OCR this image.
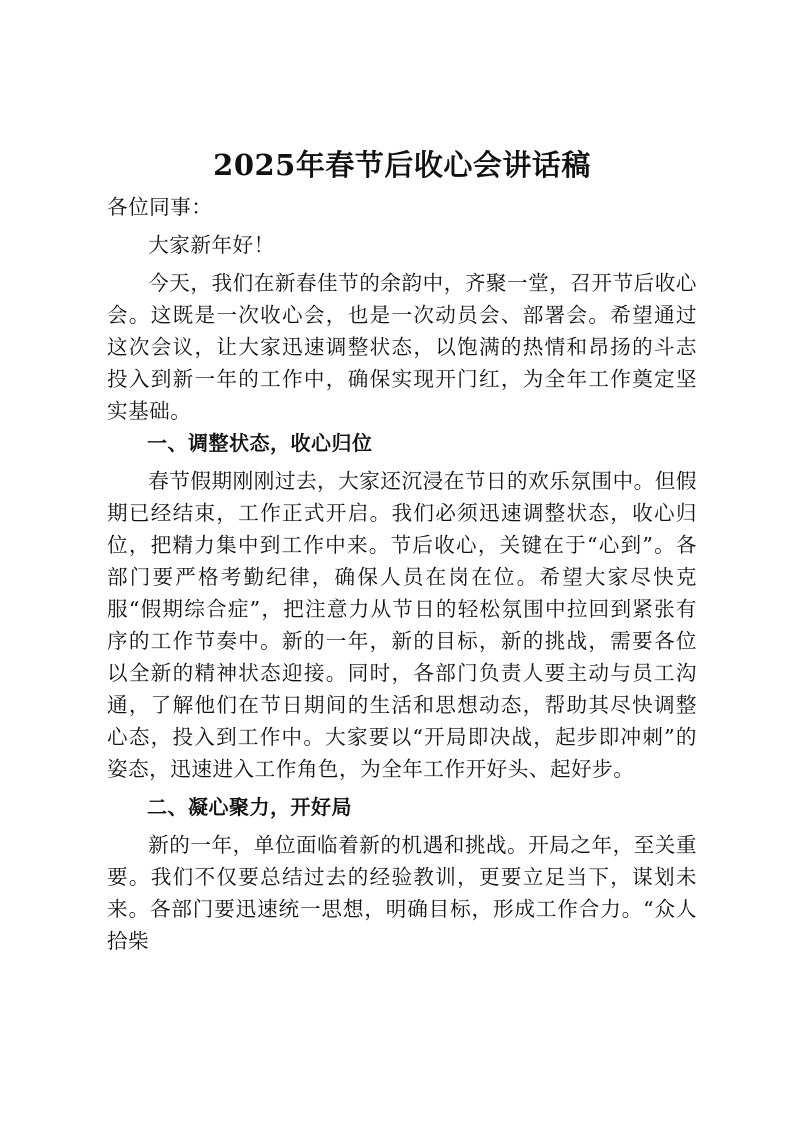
2025年春节后收心会讲话稿

各位同事：

大家新年好！

今天，我们在新春佳节的余韵中，齐聚一堂，召开节后收心会。这既是一次收心会，也是一次动员会、部署会。希望通过这次会议，让大家迅速调整状态，以饱满的热情和昂扬的斗志投入到新一年的工作中，确保实现开门红，为全年工作奠定坚实基础。

一、调整状态，收心归位

春节假期刚刚过去，大家还沉浸在节日的欢乐氛围中。但假期已经结束，工作正式开启。我们必须迅速调整状态，收心归位，把精力集中到工作中来。节后收心，关键在于“心到”。各部门要严格考勤纪律，确保人员在岗在位。希望大家尽快克服“假期综合症”，把注意力从节日的轻松氛围中拉回到紧张有序的工作节奏中。新的一年，新的目标，新的挑战，需要各位以全新的精神状态迎接。同时，各部门负责人要主动与员工沟通，了解他们在节日期间的生活和思想动态，帮助其尽快调整心态，投入到工作中。大家要以“开局即决战，起步即冲刺”的姿态，迅速进入工作角色，为全年工作开好头、起好步。

二、凝心聚力，开好局

新的一年，单位面临着新的机遇和挑战。开局之年，至关重要。我们不仅要总结过去的经验教训，更要立足当下，谋划未来。各部门要迅速统一思想，明确目标，形成工作合力。“众人拾柴
